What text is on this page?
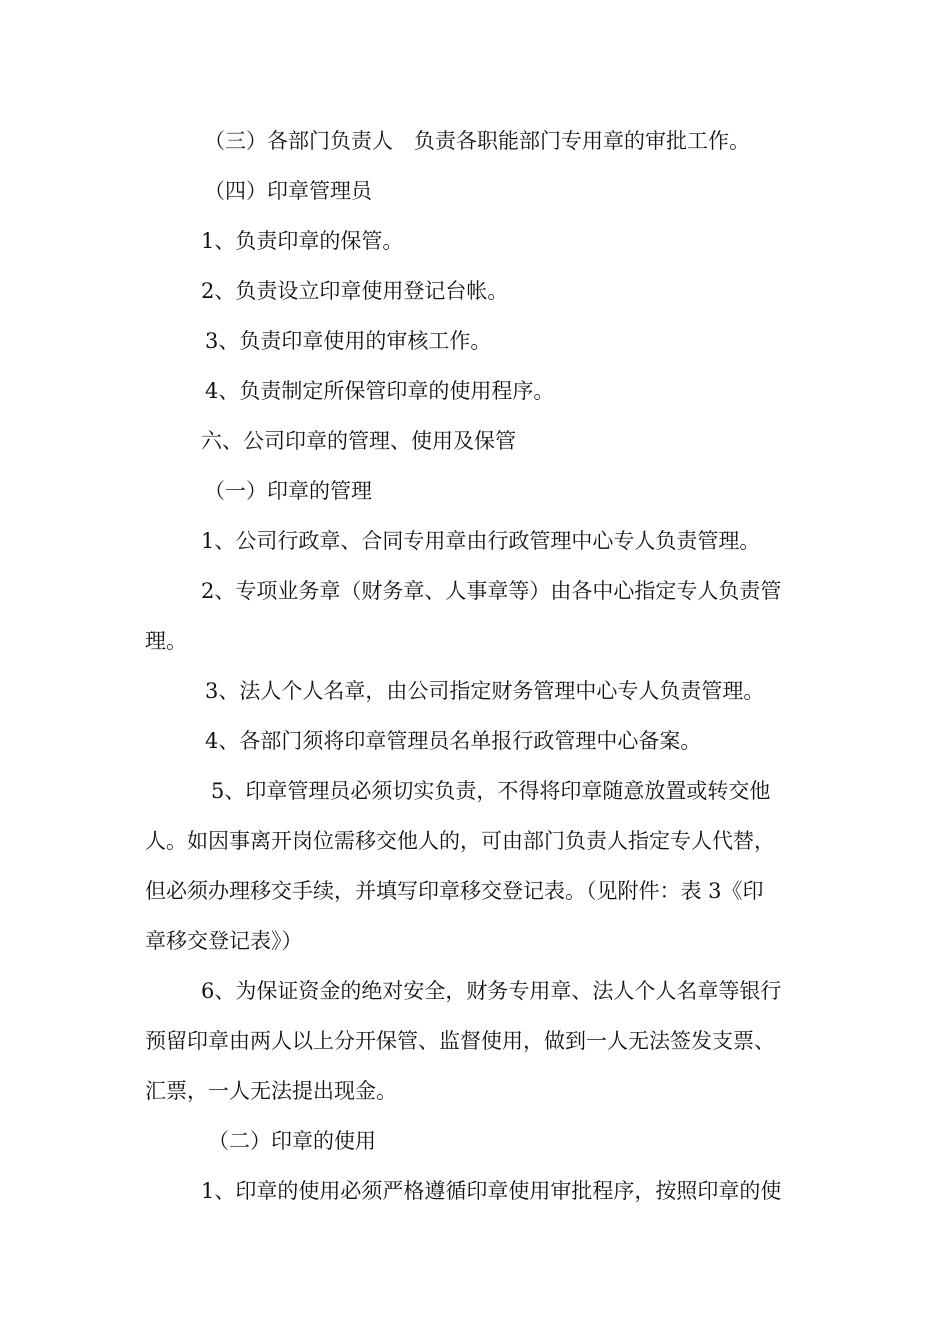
（三）各部门负责人　负责各职能部门专用章的审批工作。

（四）印章管理员

1、负责印章的保管。

2、负责设立印章使用登记台帐。

3、负责印章使用的审核工作。

4、负责制定所保管印章的使用程序。

六、公司印章的管理、使用及保管

（一）印章的管理

1、公司行政章、合同专用章由行政管理中心专人负责管理。

2、专项业务章（财务章、人事章等）由各中心指定专人负责管

理。

3、法人个人名章，由公司指定财务管理中心专人负责管理。

4、各部门须将印章管理员名单报行政管理中心备案。

5、印章管理员必须切实负责，不得将印章随意放置或转交他

人。如因事离开岗位需移交他人的，可由部门负责人指定专人代替，

但必须办理移交手续，并填写印章移交登记表。（见附件：表 3《印

章移交登记表》）

6、为保证资金的绝对安全，财务专用章、法人个人名章等银行

预留印章由两人以上分开保管、监督使用，做到一人无法签发支票、

汇票，一人无法提出现金。

（二）印章的使用

1、印章的使用必须严格遵循印章使用审批程序，按照印章的使
